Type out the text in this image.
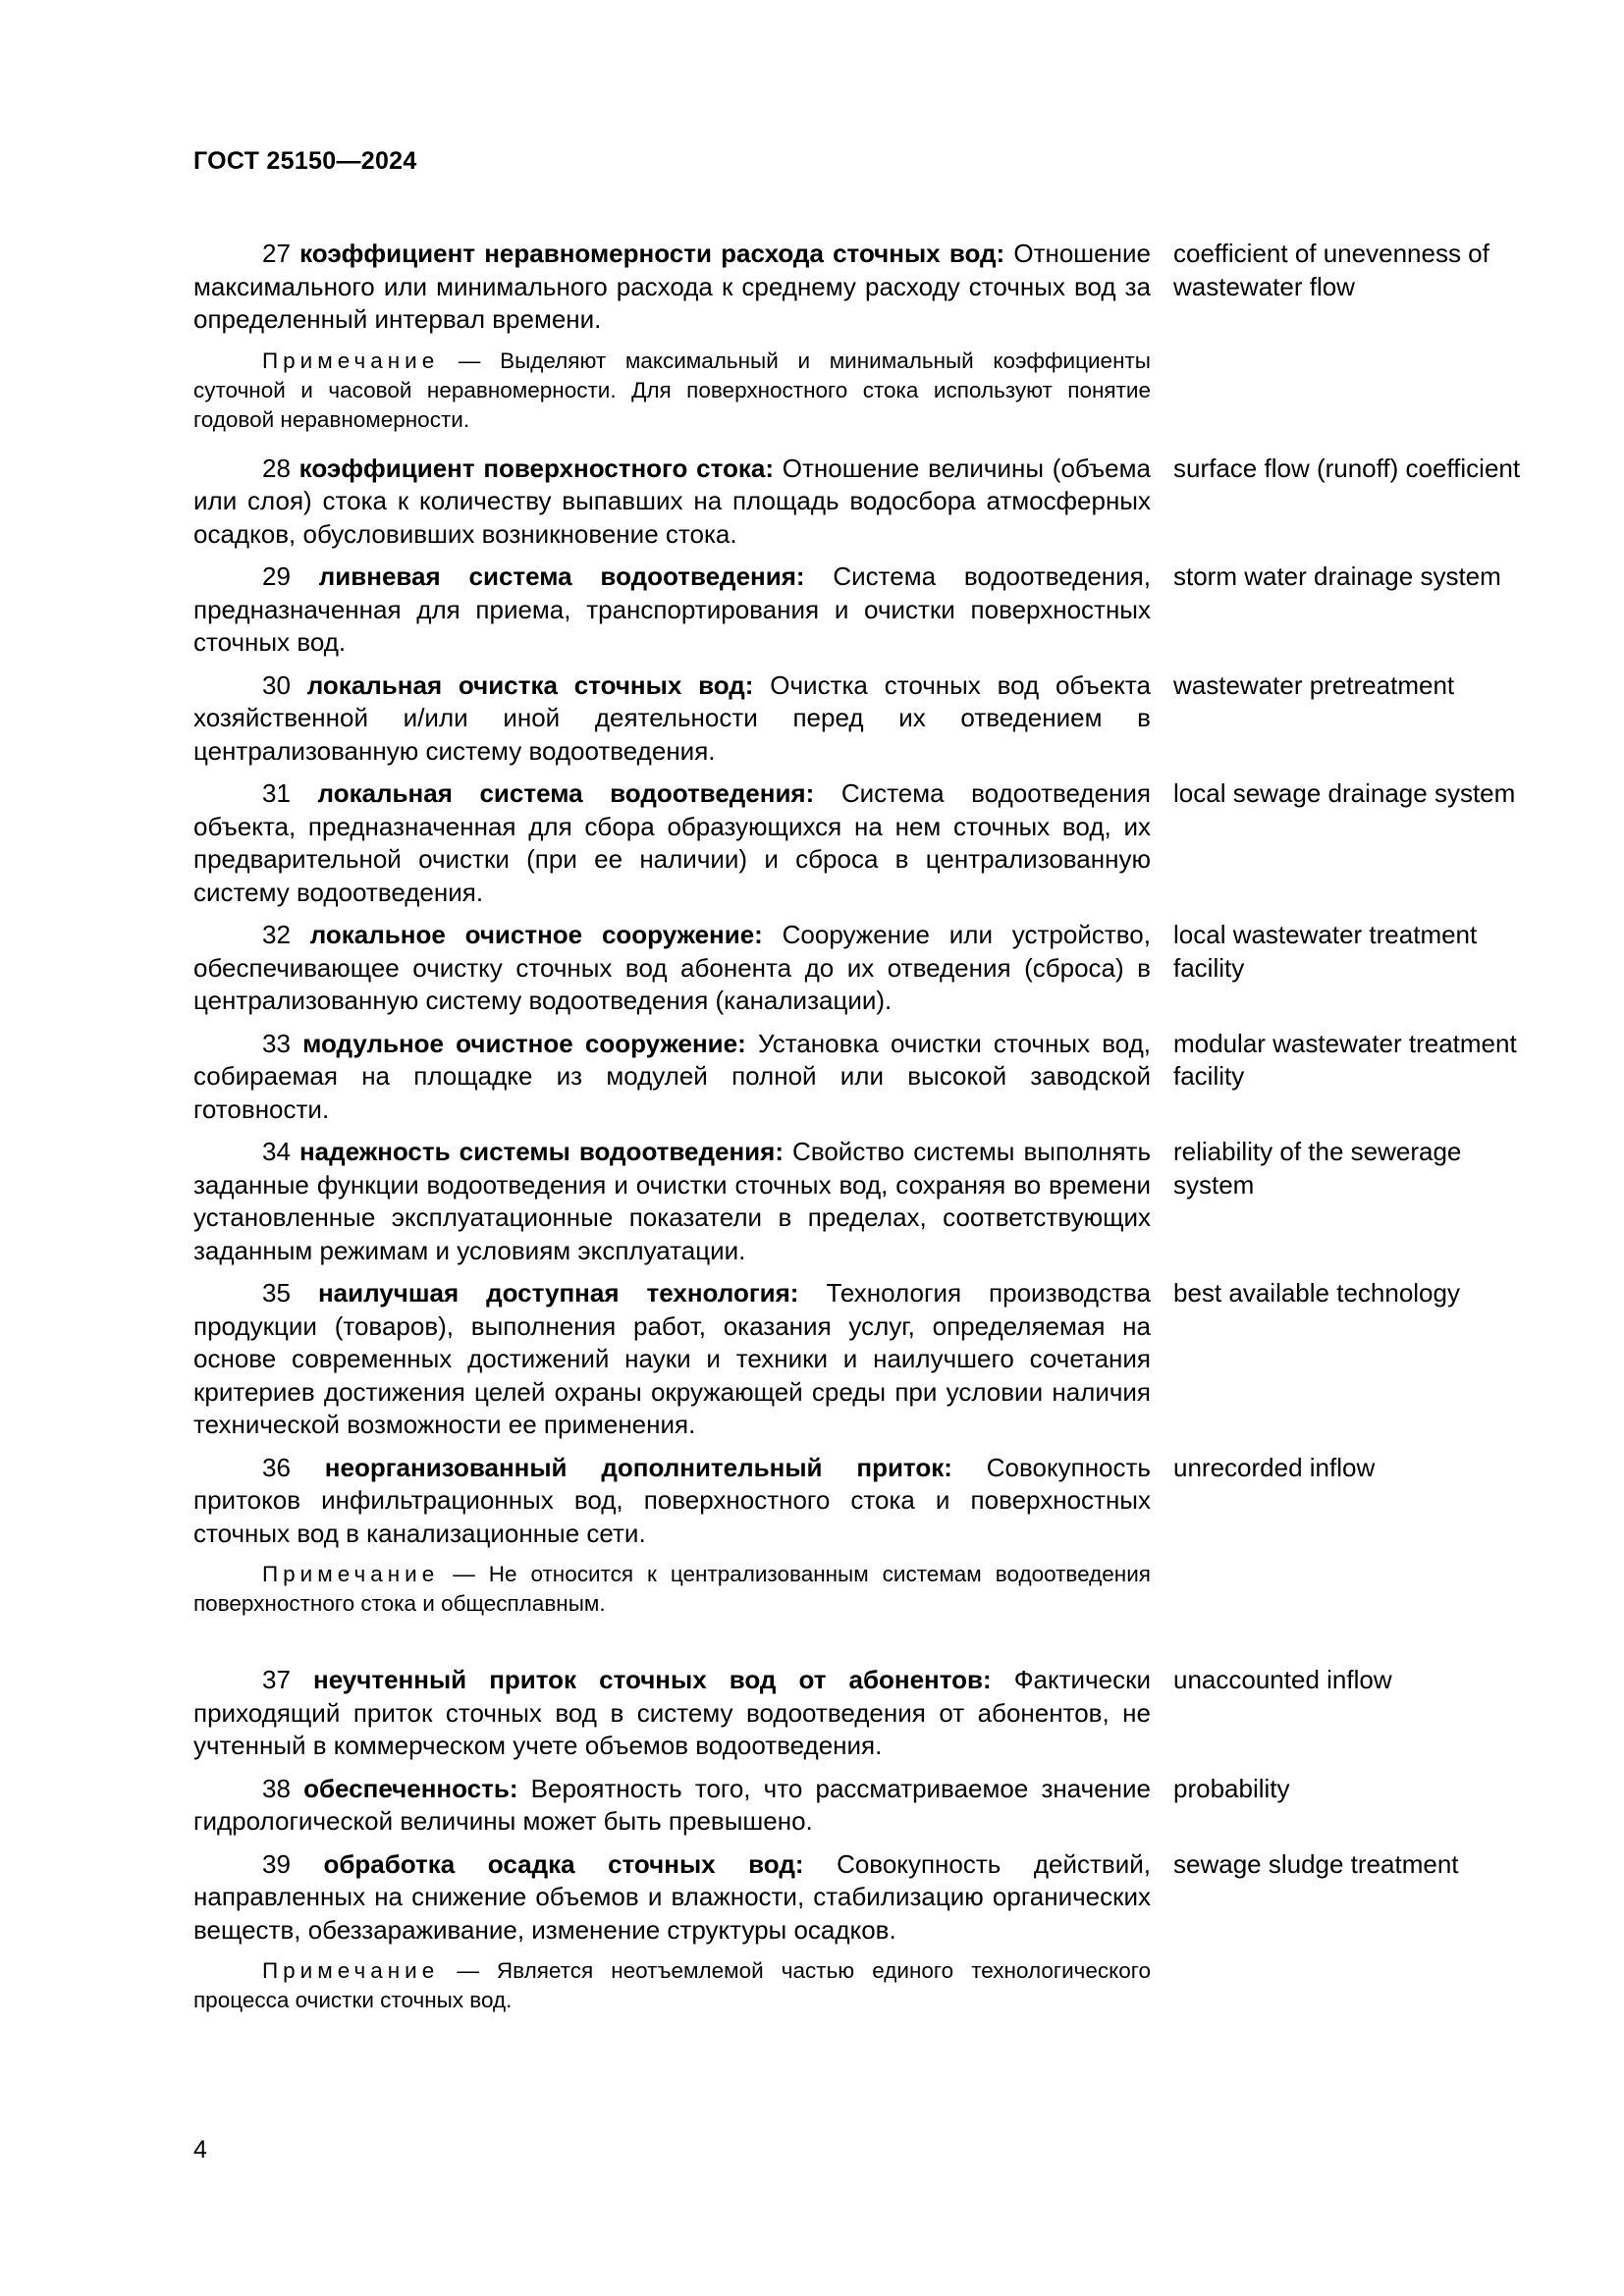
ГОСТ 25150—2024
27 коэффициент неравномерности расхода сточных вод: Отношение максимального или минимального расхода к среднему расходу сточных вод за определенный интервал времени.
coefficient of unevenness of wastewater flow
Примечание — Выделяют максимальный и минимальный коэффициенты суточной и часовой неравномерности. Для поверхностного стока используют понятие годовой неравномерности.
28 коэффициент поверхностного стока: Отношение величины (объема или слоя) стока к количеству выпавших на площадь водосбора атмосферных осадков, обусловивших возникновение стока.
surface flow (runoff) coefficient
29 ливневая система водоотведения: Система водоотведения, предназначенная для приема, транспортирования и очистки поверхностных сточных вод.
storm water drainage system
30 локальная очистка сточных вод: Очистка сточных вод объекта хозяйственной и/или иной деятельности перед их отведением в централизованную систему водоотведения.
wastewater pretreatment
31 локальная система водоотведения: Система водоотведения объекта, предназначенная для сбора образующихся на нем сточных вод, их предварительной очистки (при ее наличии) и сброса в централизованную систему водоотведения.
local sewage drainage system
32 локальное очистное сооружение: Сооружение или устройство, обеспечивающее очистку сточных вод абонента до их отведения (сброса) в централизованную систему водоотведения (канализации).
local wastewater treatment facility
33 модульное очистное сооружение: Установка очистки сточных вод, собираемая на площадке из модулей полной или высокой заводской готовности.
modular wastewater treatment facility
34 надежность системы водоотведения: Свойство системы выполнять заданные функции водоотведения и очистки сточных вод, сохраняя во времени установленные эксплуатационные показатели в пределах, соответствующих заданным режимам и условиям эксплуатации.
reliability of the sewerage system
35 наилучшая доступная технология: Технология производства продукции (товаров), выполнения работ, оказания услуг, определяемая на основе современных достижений науки и техники и наилучшего сочетания критериев достижения целей охраны окружающей среды при условии наличия технической возможности ее применения.
best available technology
36 неорганизованный дополнительный приток: Совокупность притоков инфильтрационных вод, поверхностного стока и поверхностных сточных вод в канализационные сети.
unrecorded inflow
Примечание — Не относится к централизованным системам водоотведения поверхностного стока и общесплавным.
37 неучтенный приток сточных вод от абонентов: Фактически приходящий приток сточных вод в систему водоотведения от абонентов, не учтенный в коммерческом учете объемов водоотведения.
unaccounted inflow
38 обеспеченность: Вероятность того, что рассматриваемое значение гидрологической величины может быть превышено.
probability
39 обработка осадка сточных вод: Совокупность действий, направленных на снижение объемов и влажности, стабилизацию органических веществ, обеззараживание, изменение структуры осадков.
sewage sludge treatment
Примечание — Является неотъемлемой частью единого технологического процесса очистки сточных вод.
4
